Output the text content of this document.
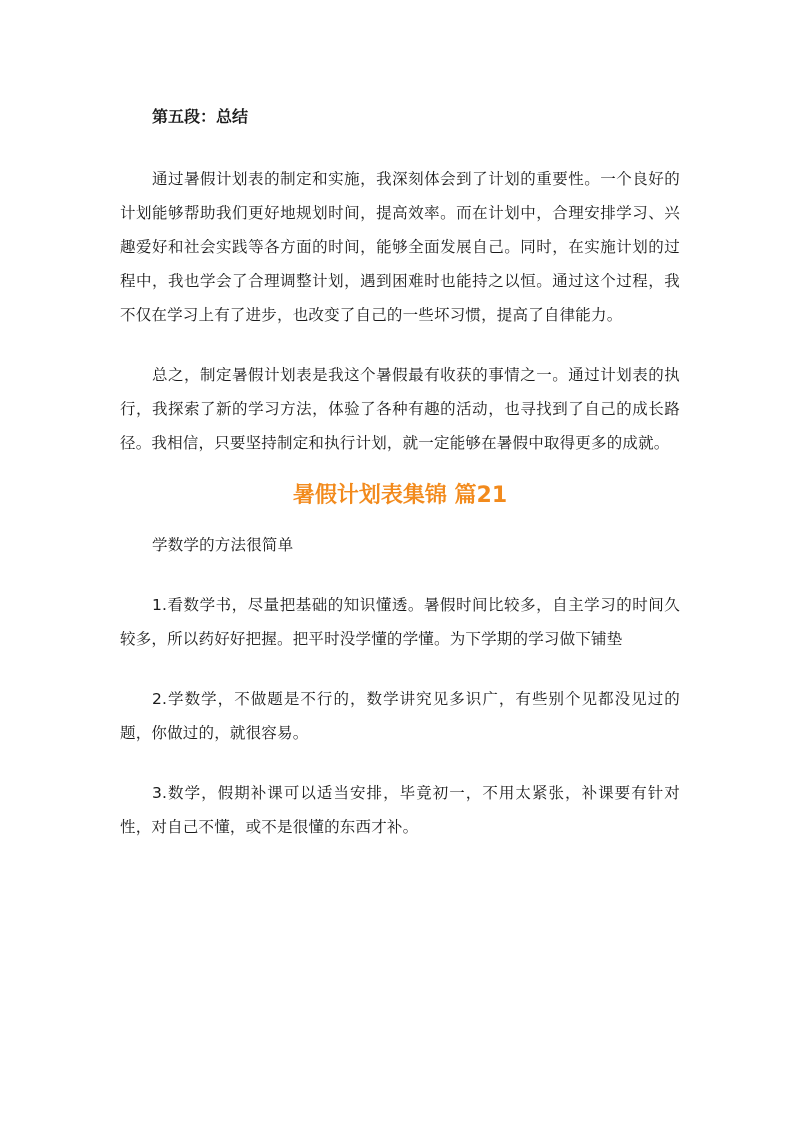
第五段：总结

通过暑假计划表的制定和实施，我深刻体会到了计划的重要性。一个良好的计划能够帮助我们更好地规划时间，提高效率。而在计划中，合理安排学习、兴趣爱好和社会实践等各方面的时间，能够全面发展自己。同时，在实施计划的过程中，我也学会了合理调整计划，遇到困难时也能持之以恒。通过这个过程，我不仅在学习上有了进步，也改变了自己的一些坏习惯，提高了自律能力。

总之，制定暑假计划表是我这个暑假最有收获的事情之一。通过计划表的执行，我探索了新的学习方法，体验了各种有趣的活动，也寻找到了自己的成长路径。我相信，只要坚持制定和执行计划，就一定能够在暑假中取得更多的成就。

暑假计划表集锦 篇21

学数学的方法很简单

1.看数学书，尽量把基础的知识懂透。暑假时间比较多，自主学习的时间久较多，所以药好好把握。把平时没学懂的学懂。为下学期的学习做下铺垫

2.学数学，不做题是不行的，数学讲究见多识广，有些别个见都没见过的题，你做过的，就很容易。

3.数学，假期补课可以适当安排，毕竟初一，不用太紧张，补课要有针对性，对自己不懂，或不是很懂的东西才补。
